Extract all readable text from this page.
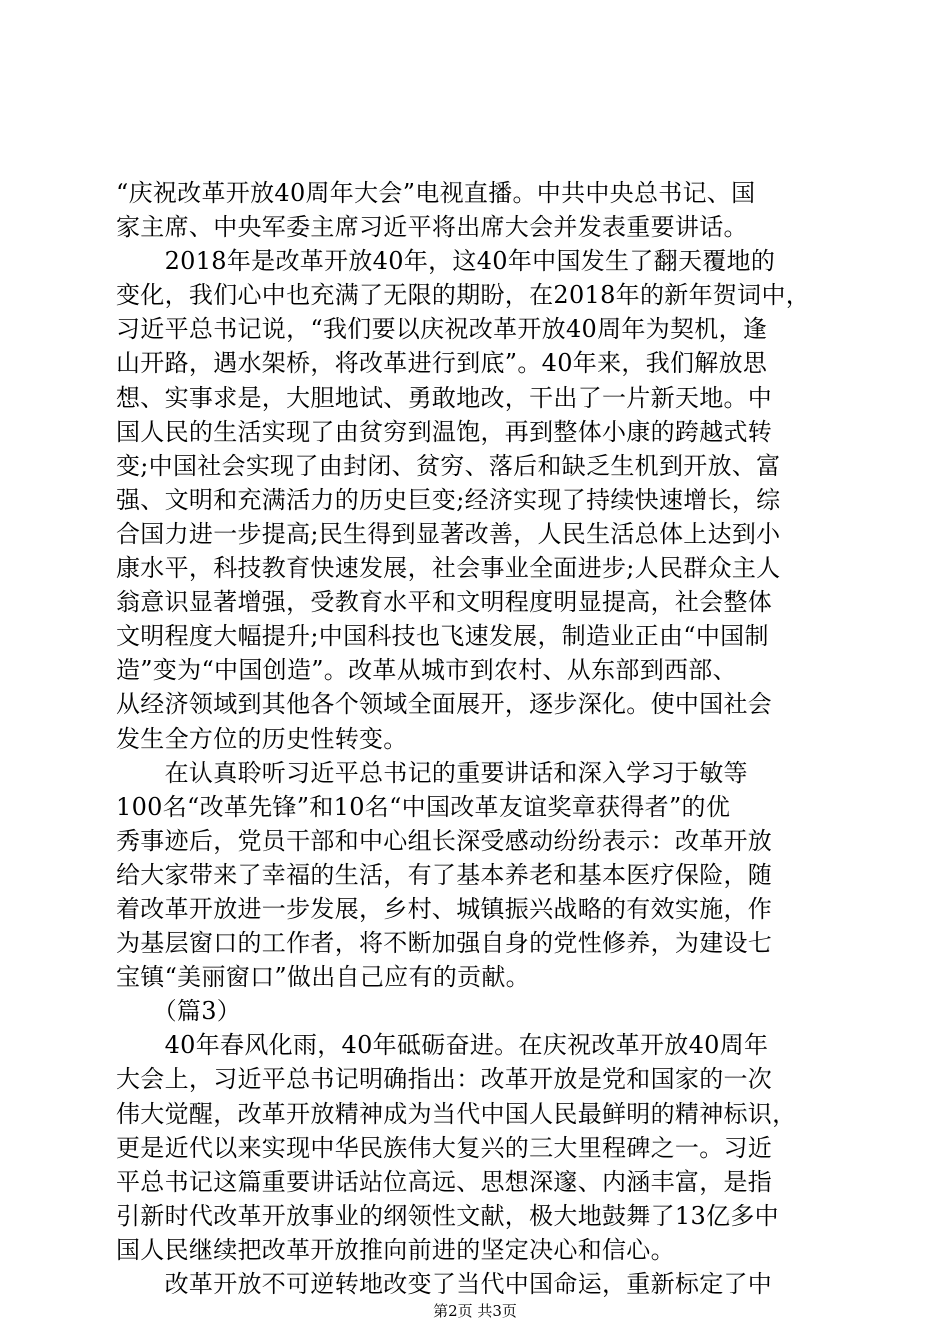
“庆祝改革开放40周年大会”电视直播。中共中央总书记、国
家主席、中央军委主席习近平将出席大会并发表重要讲话。
　　2018年是改革开放40年，这40年中国发生了翻天覆地的
变化，我们心中也充满了无限的期盼，在2018年的新年贺词中，
习近平总书记说，“我们要以庆祝改革开放40周年为契机，逢
山开路，遇水架桥，将改革进行到底”。40年来，我们解放思
想、实事求是，大胆地试、勇敢地改，干出了一片新天地。中
国人民的生活实现了由贫穷到温饱，再到整体小康的跨越式转
变;中国社会实现了由封闭、贫穷、落后和缺乏生机到开放、富
强、文明和充满活力的历史巨变;经济实现了持续快速增长，综
合国力进一步提高;民生得到显著改善，人民生活总体上达到小
康水平，科技教育快速发展，社会事业全面进步;人民群众主人
翁意识显著增强，受教育水平和文明程度明显提高，社会整体
文明程度大幅提升;中国科技也飞速发展，制造业正由“中国制
造”变为“中国创造”。改革从城市到农村、从东部到西部、
从经济领域到其他各个领域全面展开，逐步深化。使中国社会
发生全方位的历史性转变。
　　在认真聆听习近平总书记的重要讲话和深入学习于敏等
100名“改革先锋”和10名“中国改革友谊奖章获得者”的优
秀事迹后，党员干部和中心组长深受感动纷纷表示：改革开放
给大家带来了幸福的生活，有了基本养老和基本医疗保险，随
着改革开放进一步发展，乡村、城镇振兴战略的有效实施，作
为基层窗口的工作者，将不断加强自身的党性修养，为建设七
宝镇“美丽窗口”做出自己应有的贡献。
　　（篇3）
　　40年春风化雨，40年砥砺奋进。在庆祝改革开放40周年
大会上，习近平总书记明确指出：改革开放是党和国家的一次
伟大觉醒，改革开放精神成为当代中国人民最鲜明的精神标识，
更是近代以来实现中华民族伟大复兴的三大里程碑之一。习近
平总书记这篇重要讲话站位高远、思想深邃、内涵丰富，是指
引新时代改革开放事业的纲领性文献，极大地鼓舞了13亿多中
国人民继续把改革开放推向前进的坚定决心和信心。
　　改革开放不可逆转地改变了当代中国命运，重新标定了中
第2页 共3页
